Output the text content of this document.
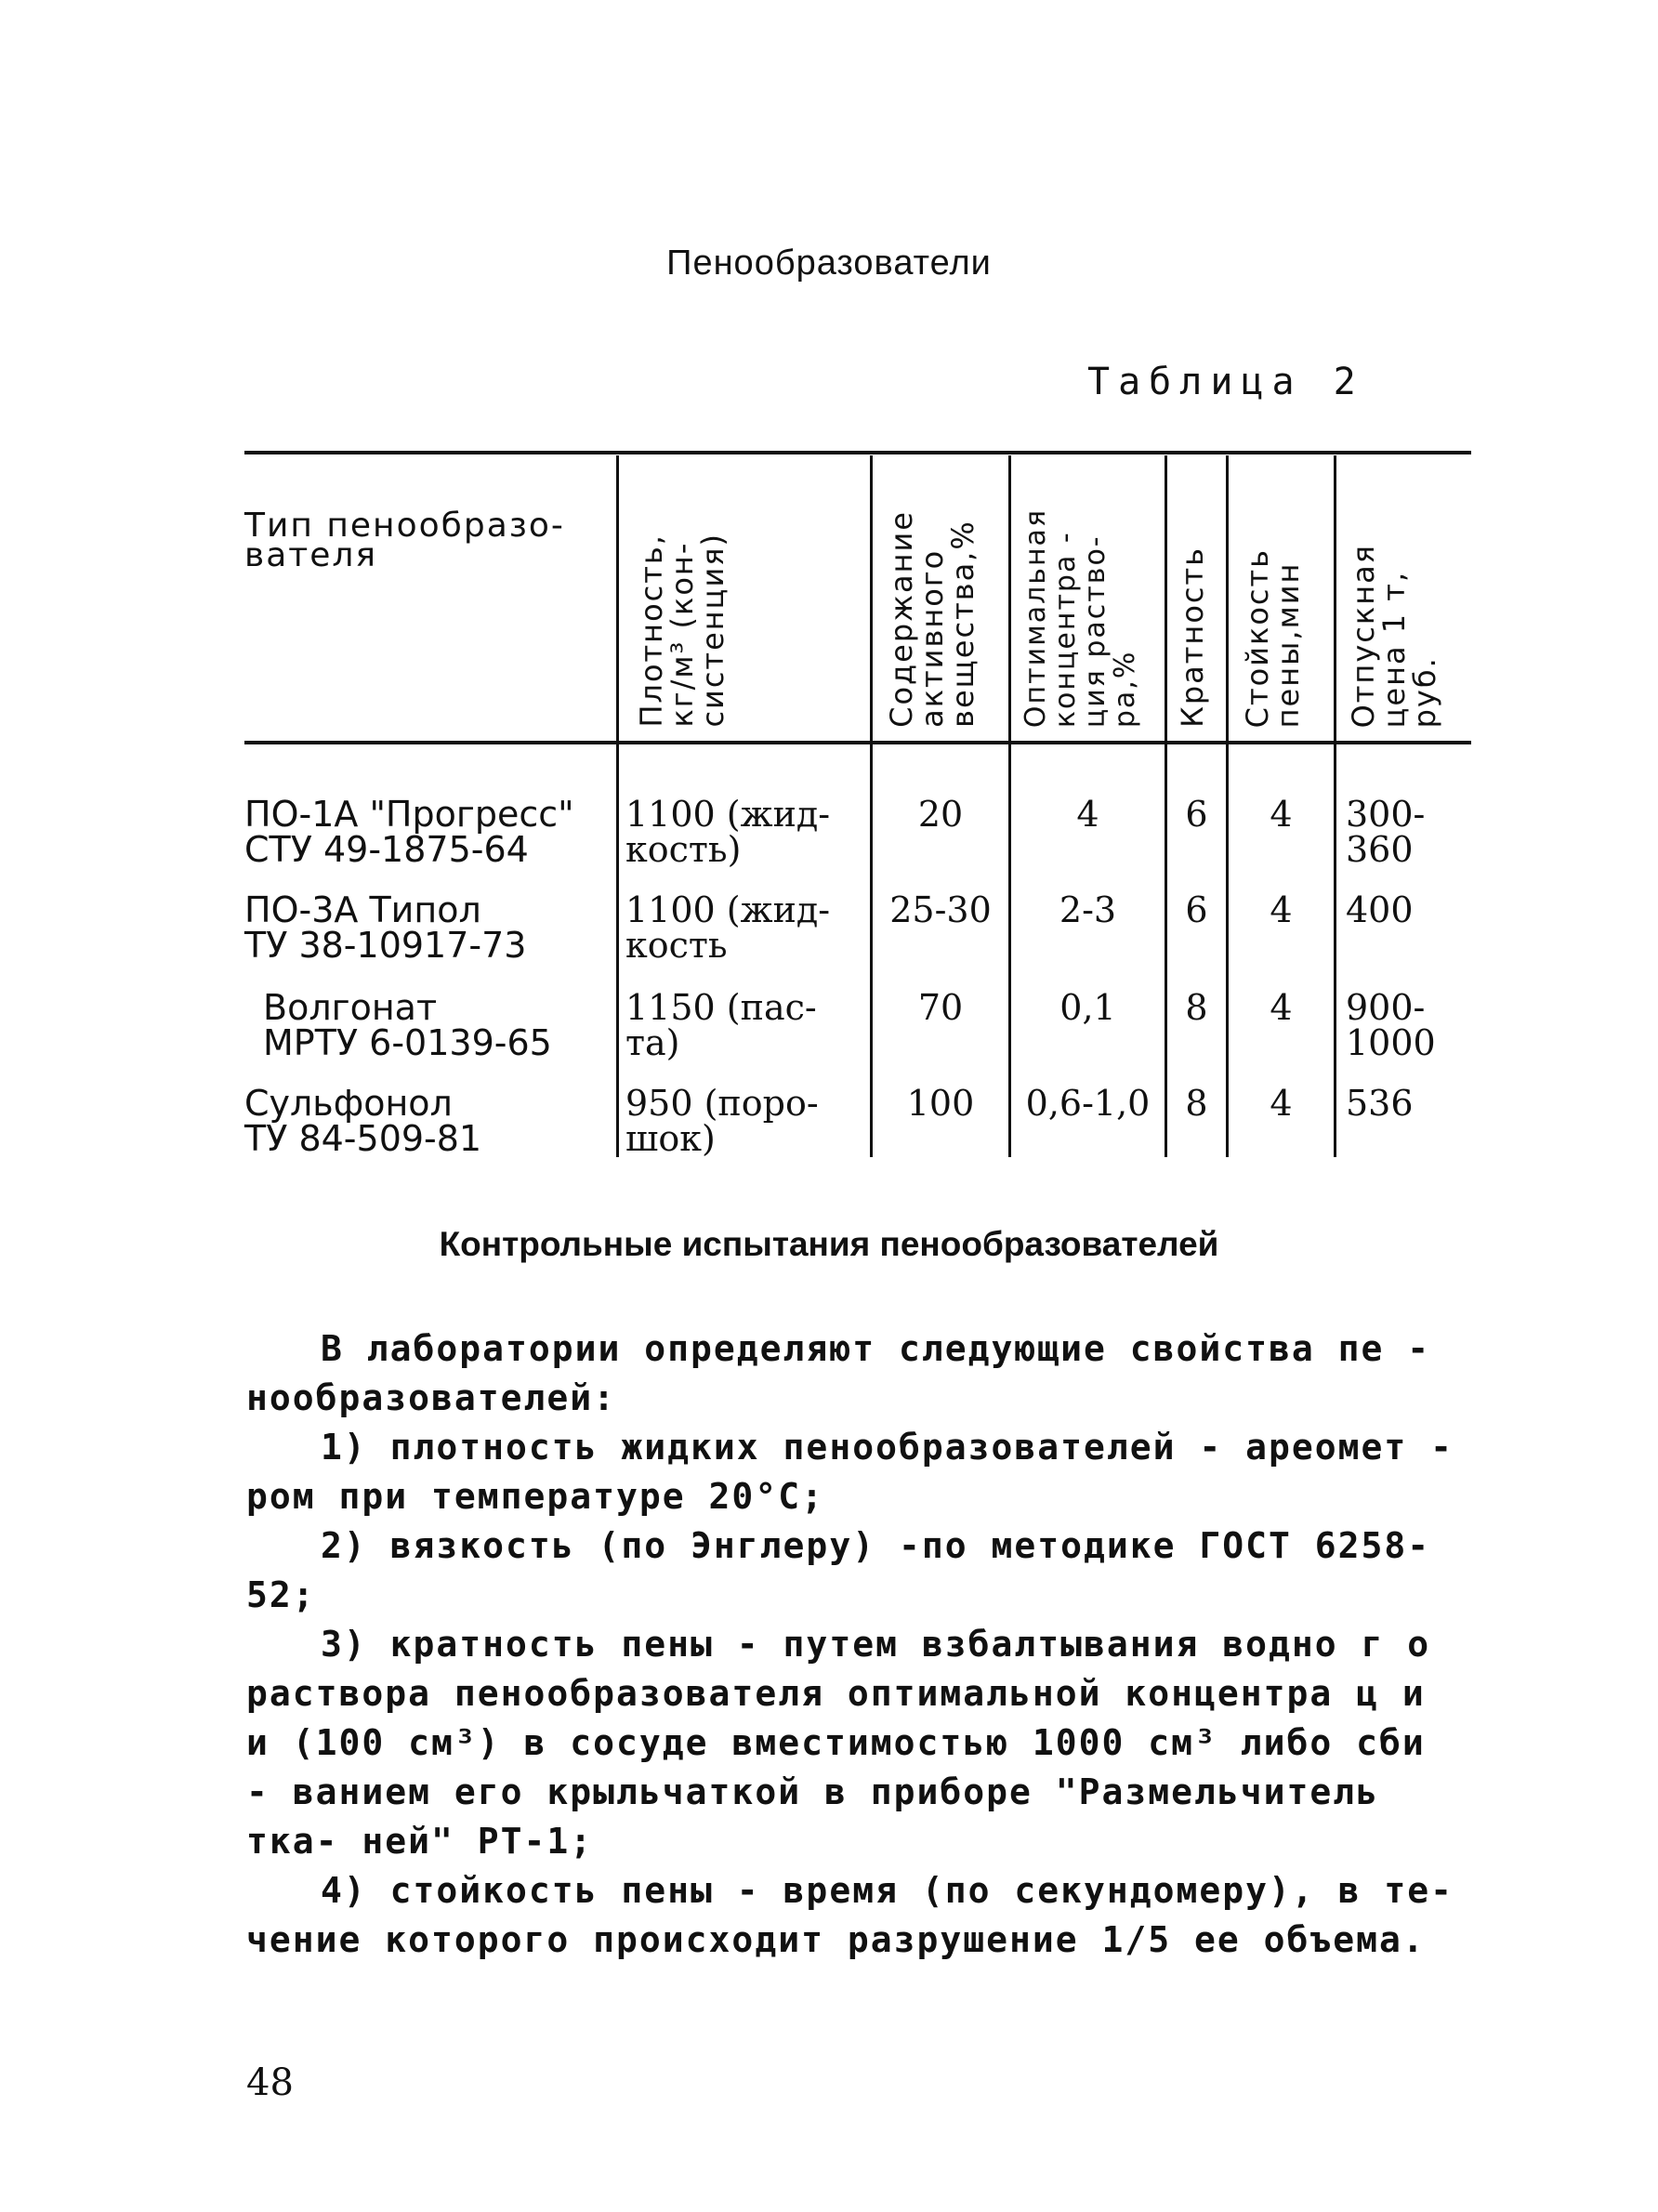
Пенообразователи
Таблица 2
Тип пенообразо-вателя	Плотность,
кг/м³ (кон-
систенция)	Содержание
активного
вещества,% Оптимальная
концентра -
ция раство-
ра,% Кратность Стойкость
пены,мин Отпускная
цена 1 т,
руб.
ПО-1А "Прогресс"
СТУ 49-1875-64
1100 (жид-
кость)
20	4	6	4	300-
360
ПО-3А Типол
ТУ 38-10917-73
1100 (жид-
кость
25-30	2-3	6	4	400
Волгонат
МРТУ 6-0139-65
1150 (пас-
та)
70	0,1	8	4	900-
1000
Сульфонол
ТУ 84-509-81
950 (поро-
шок)
100	0,6-1,0	8	4	536
Контрольные испытания пенообразователей

В лаборатории определяют следующие свойства пе - нообразователей:

1) плотность жидких пенообразователей - ареомет - ром при температуре 20°С;

2) вязкость (по Энглеру) -по методике ГОСТ 6258-52;

3) кратность пены - путем взбалтывания водно г о раствора пенообразователя оптимальной концентра ц и и (100 см³) в сосуде вместимостью 1000 см³ либо сби - ванием его крыльчаткой в приборе "Размельчитель тка- ней" РТ-1;

4) стойкость пены - время (по секундомеру), в те- чение которого происходит разрушение 1/5 ее объема.

48
